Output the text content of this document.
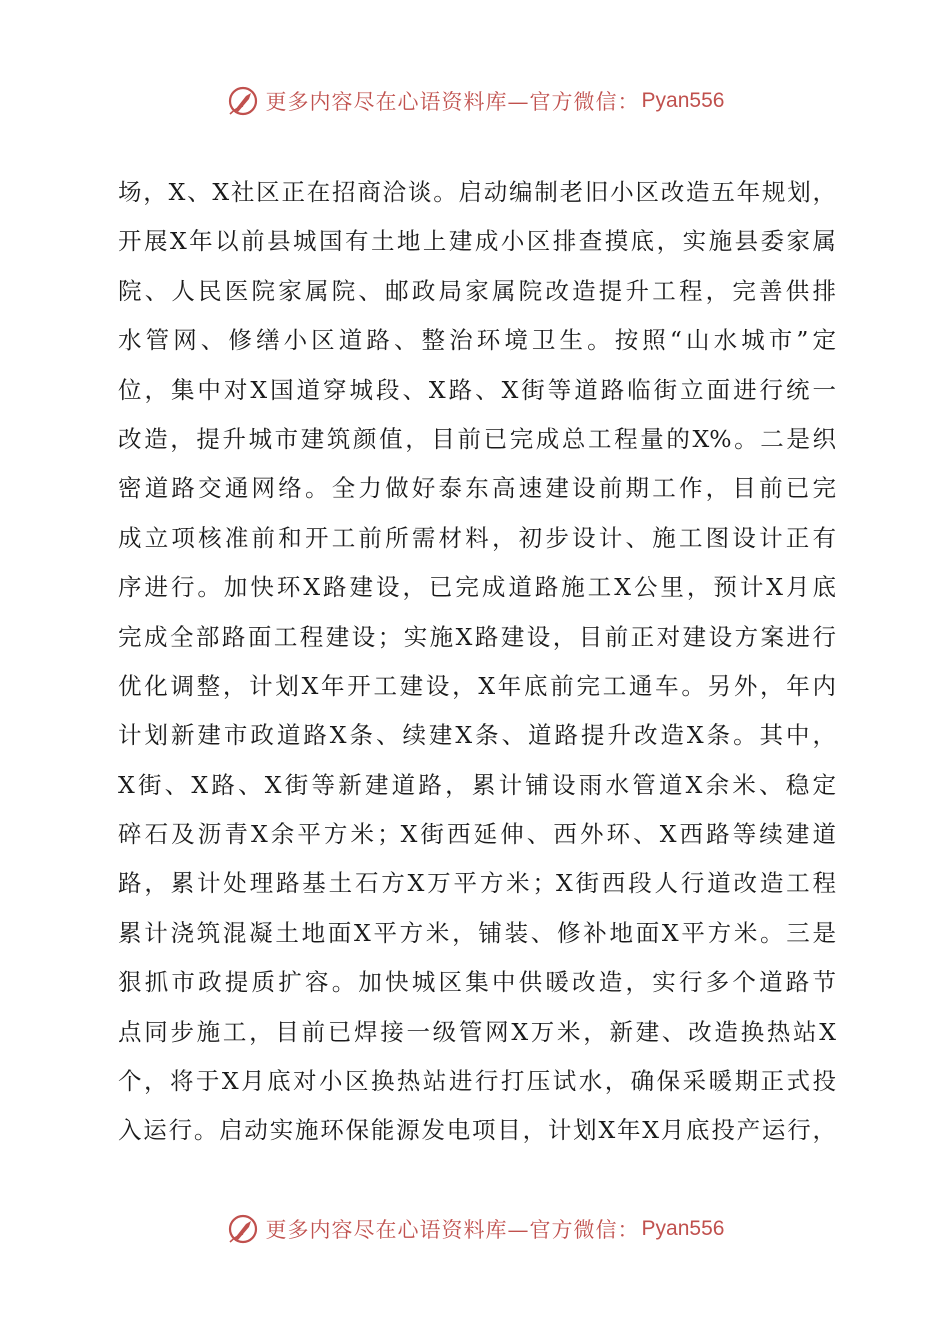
更多内容尽在心语资料库—官方微信： Pyan556
场，X、X社区正在招商洽谈。启动编制老旧小区改造五年规划，
开展X年以前县城国有土地上建成小区排查摸底，实施县委家属
院、人民医院家属院、邮政局家属院改造提升工程，完善供排
水管网、修缮小区道路、整治环境卫生。按照“山水城市”定
位，集中对X国道穿城段、X路、X街等道路临街立面进行统一
改造，提升城市建筑颜值，目前已完成总工程量的X%。二是织
密道路交通网络。全力做好泰东高速建设前期工作，目前已完
成立项核准前和开工前所需材料，初步设计、施工图设计正有
序进行。加快环X路建设，已完成道路施工X公里，预计X月底
完成全部路面工程建设；实施X路建设，目前正对建设方案进行
优化调整，计划X年开工建设，X年底前完工通车。另外，年内
计划新建市政道路X条、续建X条、道路提升改造X条。其中，
X街、X路、X街等新建道路，累计铺设雨水管道X余米、稳定
碎石及沥青X余平方米；X街西延伸、西外环、X西路等续建道
路，累计处理路基土石方X万平方米；X街西段人行道改造工程
累计浇筑混凝土地面X平方米，铺装、修补地面X平方米。三是
狠抓市政提质扩容。加快城区集中供暖改造，实行多个道路节
点同步施工，目前已焊接一级管网X万米，新建、改造换热站X
个，将于X月底对小区换热站进行打压试水，确保采暖期正式投
入运行。启动实施环保能源发电项目，计划X年X月底投产运行，
更多内容尽在心语资料库—官方微信： Pyan556
